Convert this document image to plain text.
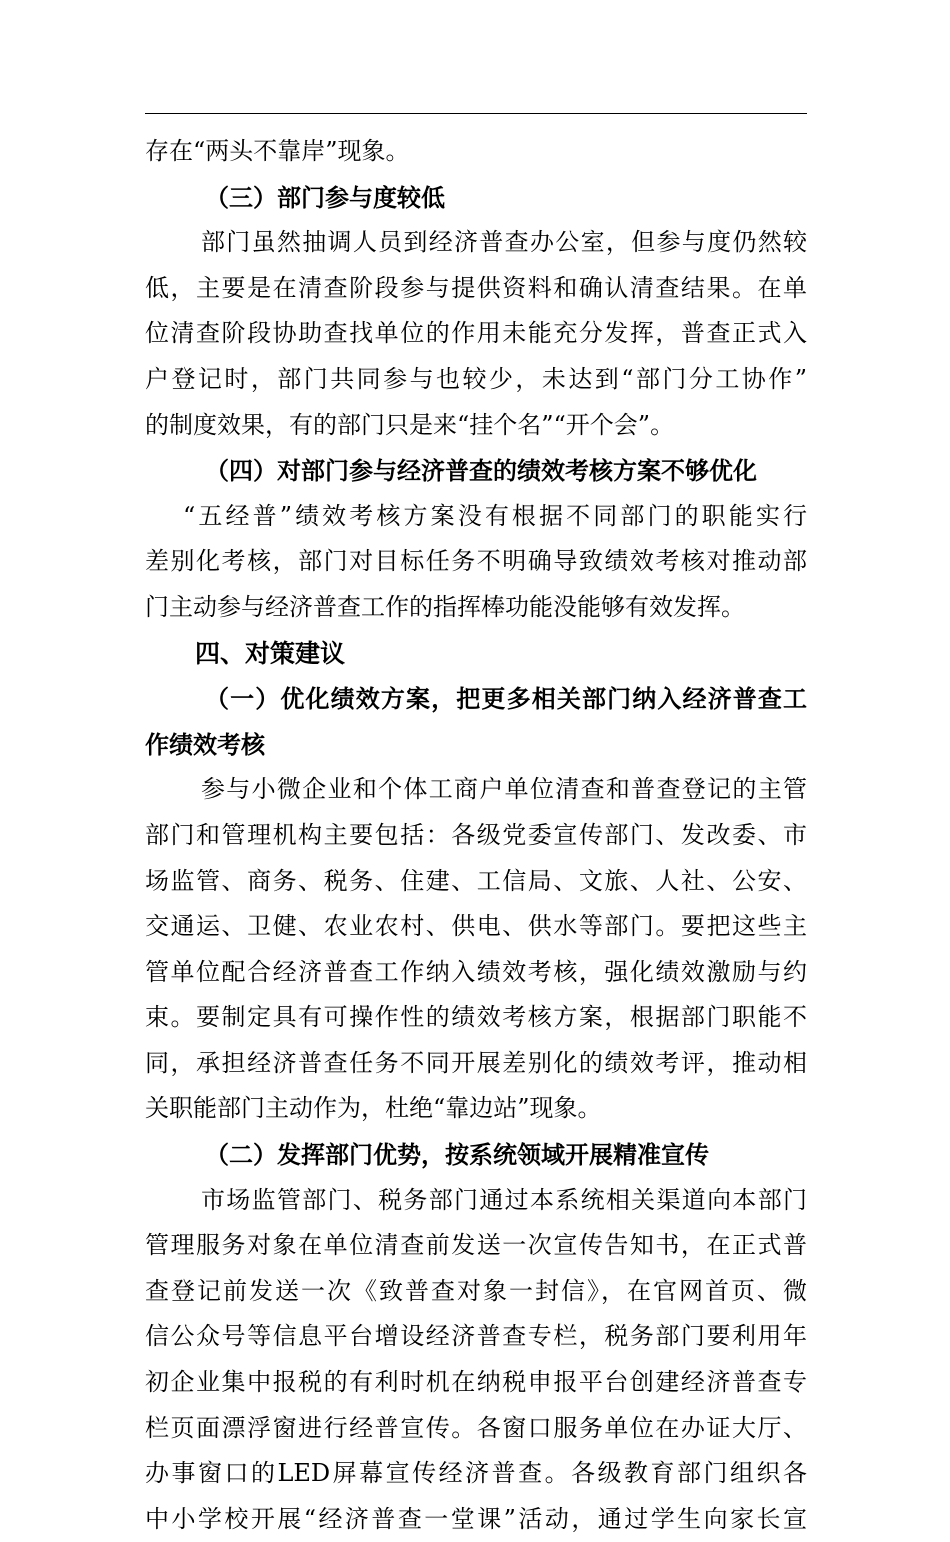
存在“两头不靠岸”现象。
（三）部门参与度较低
部门虽然抽调人员到经济普查办公室，但参与度仍然较
低，主要是在清查阶段参与提供资料和确认清查结果。在单
位清查阶段协助查找单位的作用未能充分发挥，普查正式入
户登记时，部门共同参与也较少，未达到“部门分工协作”
的制度效果，有的部门只是来“挂个名”“开个会”。
（四）对部门参与经济普查的绩效考核方案不够优化
“五经普”绩效考核方案没有根据不同部门的职能实行
差别化考核，部门对目标任务不明确导致绩效考核对推动部
门主动参与经济普查工作的指挥棒功能没能够有效发挥。
四、对策建议
（一）优化绩效方案，把更多相关部门纳入经济普查工
作绩效考核
参与小微企业和个体工商户单位清查和普查登记的主管
部门和管理机构主要包括：各级党委宣传部门、发改委、市
场监管、商务、税务、住建、工信局、文旅、人社、公安、
交通运、卫健、农业农村、供电、供水等部门。要把这些主
管单位配合经济普查工作纳入绩效考核，强化绩效激励与约
束。要制定具有可操作性的绩效考核方案，根据部门职能不
同，承担经济普查任务不同开展差别化的绩效考评，推动相
关职能部门主动作为，杜绝“靠边站”现象。
（二）发挥部门优势，按系统领域开展精准宣传
市场监管部门、税务部门通过本系统相关渠道向本部门
管理服务对象在单位清查前发送一次宣传告知书，在正式普
查登记前发送一次《致普查对象一封信》，在官网首页、微
信公众号等信息平台增设经济普查专栏，税务部门要利用年
初企业集中报税的有利时机在纳税申报平台创建经济普查专
栏页面漂浮窗进行经普宣传。各窗口服务单位在办证大厅、
办事窗口的LED屏幕宣传经济普查。各级教育部门组织各
中小学校开展“经济普查一堂课”活动，通过学生向家长宣
